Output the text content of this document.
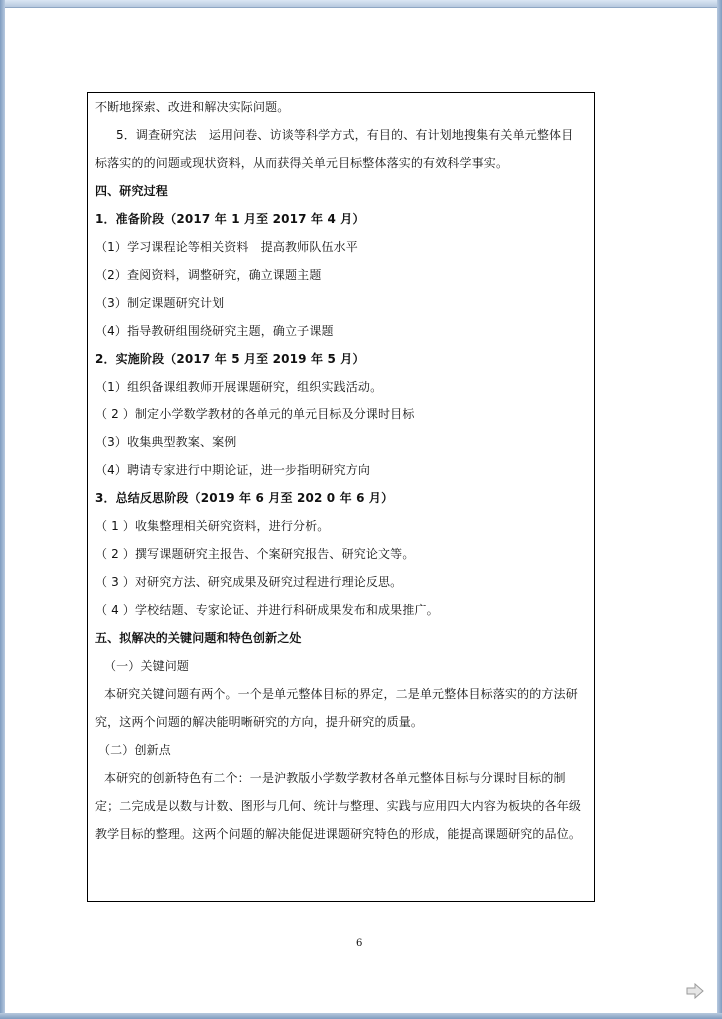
不断地探索、改进和解决实际问题。
5．调查研究法　运用问卷、访谈等科学方式，有目的、有计划地搜集有关单元整体目
标落实的的问题或现状资料，从而获得关单元目标整体落实的有效科学事实。
四、研究过程
1．准备阶段（2017 年 1 月至 2017 年 4 月）
（1）学习课程论等相关资料　提高教师队伍水平
（2）查阅资料，调整研究，确立课题主题
（3）制定课题研究计划
（4）指导教研组围绕研究主题，确立子课题
2．实施阶段（2017 年 5 月至 2019 年 5 月）
（1）组织备课组教师开展课题研究，组织实践活动。
（ 2 ）制定小学数学教材的各单元的单元目标及分课时目标
（3）收集典型教案、案例
（4）聘请专家进行中期论证，进一步指明研究方向
3．总结反思阶段（2019 年 6 月至 202 0 年 6 月）
（ 1 ）收集整理相关研究资料，进行分析。
（ 2 ）撰写课题研究主报告、个案研究报告、研究论文等。
（ 3 ）对研究方法、研究成果及研究过程进行理论反思。
（ 4 ）学校结题、专家论证、并进行科研成果发布和成果推广。
五、拟解决的关键问题和特色创新之处
（一）关键问题
本研究关键问题有两个。一个是单元整体目标的界定，二是单元整体目标落实的的方法研
究，这两个问题的解决能明晰研究的方向，提升研究的质量。
（二）创新点
本研究的创新特色有二个：一是沪教版小学数学教材各单元整体目标与分课时目标的制
定；二完成是以数与计数、图形与几何、统计与整理、实践与应用四大内容为板块的各年级
教学目标的整理。这两个问题的解决能促进课题研究特色的形成，能提高课题研究的品位。
6
